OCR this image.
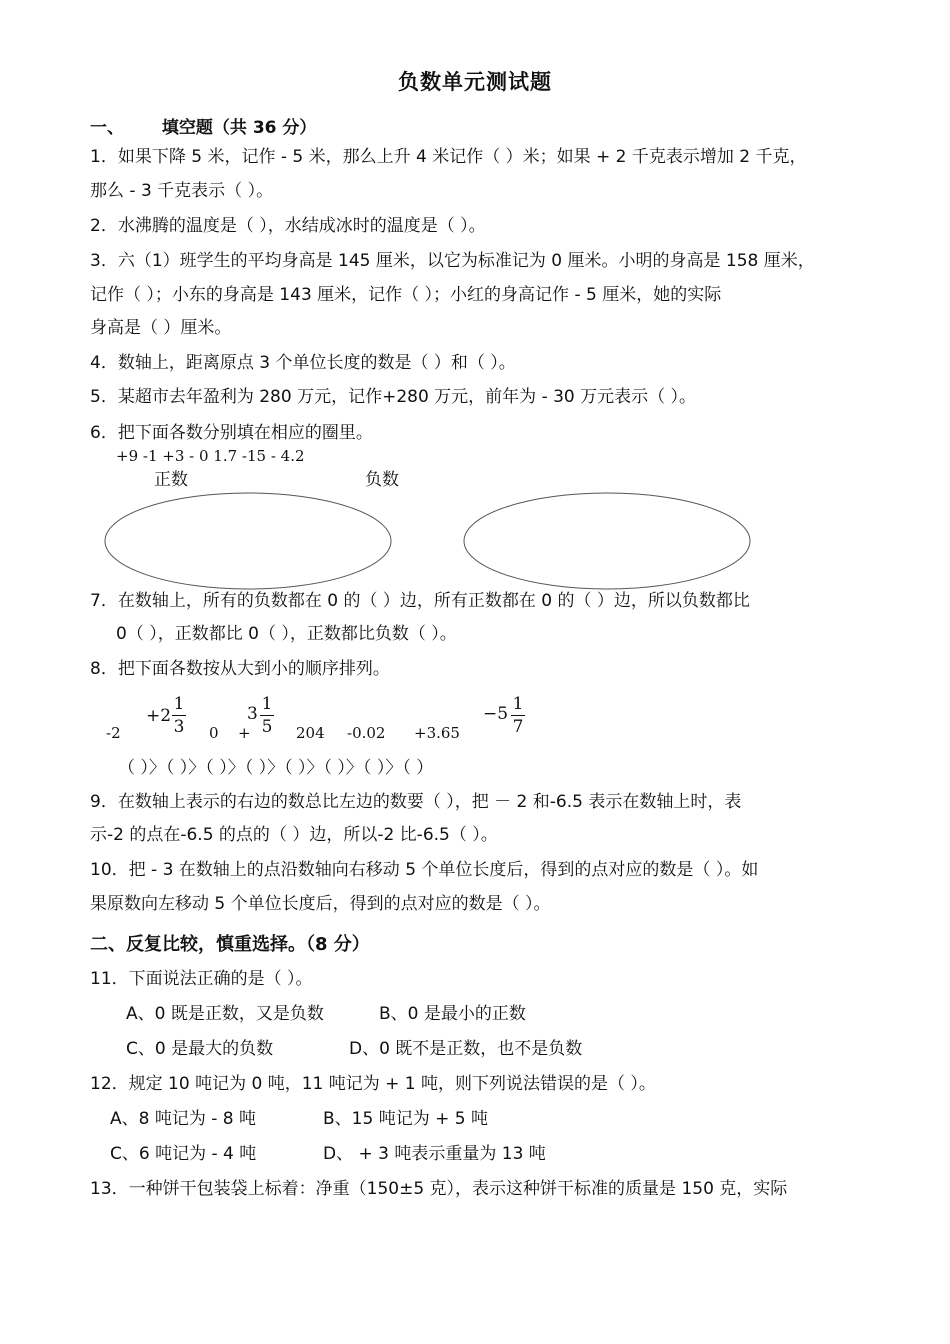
负数单元测试题
一、 填空题（共 36 分）
1．如果下降 5 米，记作 - 5 米，那么上升 4 米记作（ ）米；如果 + 2 千克表示增加 2 千克，
那么 - 3 千克表示（ ）。
2．水沸腾的温度是（ ），水结成冰时的温度是（ ）。
3．六（1）班学生的平均身高是 145 厘米，以它为标准记为 0 厘米。小明的身高是 158 厘米，
记作（ ）；小东的身高是 143 厘米，记作（ ）；小红的身高记作 - 5 厘米，她的实际
身高是（ ）厘米。
4．数轴上，距离原点 3 个单位长度的数是（ ）和（ ）。
5．某超市去年盈利为 280 万元，记作+280 万元，前年为 - 30 万元表示（ ）。
6．把下面各数分别填在相应的圈里。
+9 -1 +3 - 0 1.7 -15 - 4.2
正数	负数
7．在数轴上，所有的负数都在 0 的（ ）边，所有正数都在 0 的（ ）边，所以负数都比
0（ ），正数都比 0（ ），正数都比负数（ ）。
8．把下面各数按从大到小的顺序排列。
-2
+2
1
3 0 +
3 1
5 204 -0.02 +3.65
−5 1
7
（ ）〉（ ）〉（ ）〉（ ）〉（ ）〉（ ）〉（ ）〉（ ）
9．在数轴上表示的右边的数总比左边的数要（ ），把 － 2 和-6.5 表示在数轴上时，表
示-2 的点在-6.5 的点的（ ）边，所以-2 比-6.5（ ）。
10．把 - 3 在数轴上的点沿数轴向右移动 5 个单位长度后，得到的点对应的数是（ ）。如
果原数向左移动 5 个单位长度后，得到的点对应的数是（ ）。
二、反复比较，慎重选择。（8 分）
11．下面说法正确的是（ ）。
A、0 既是正数，又是负数	B、0 是最小的正数
C、0 是最大的负数	D、0 既不是正数，也不是负数
12．规定 10 吨记为 0 吨，11 吨记为 + 1 吨，则下列说法错误的是（ ）。
A、8 吨记为 - 8 吨	B、15 吨记为 + 5 吨
C、6 吨记为 - 4 吨	D、 + 3 吨表示重量为 13 吨
13．一种饼干包装袋上标着：净重（150±5 克），表示这种饼干标准的质量是 150 克，实际
